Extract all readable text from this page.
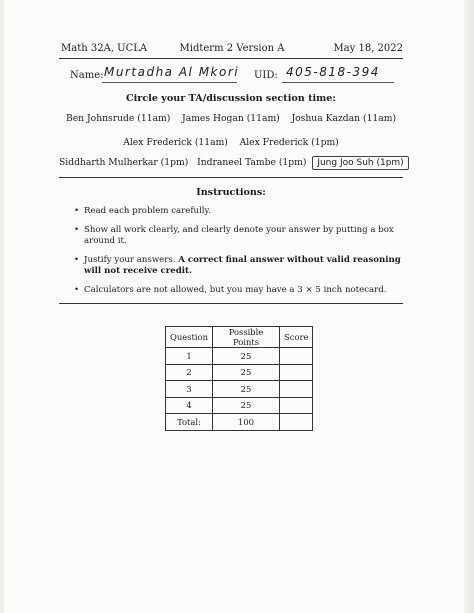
Math 32A, UCLA	Midterm 2 Version A	May 18, 2022
Name: Murtadha Al Mkori UID: 405-818-394
Circle your TA/discussion section time:
Ben Johnsrude (11am) James Hogan (11am) Joshua Kazdan (11am)
Alex Frederick (11am) Alex Frederick (1pm)
Siddharth Mulherkar (1pm) Indraneel Tambe (1pm) Jung Joo Suh (1pm)
Instructions:
• Read each problem carefully.
• Show all work clearly, and clearly denote your answer by putting a box around it.
• Justify your answers. A correct final answer without valid reasoning will not receive credit.
• Calculators are not allowed, but you may have a 3 × 5 inch notecard.
Question	Possible Points	Score
1	25	
2	25	
3	25	
4	25	
Total:	100	
